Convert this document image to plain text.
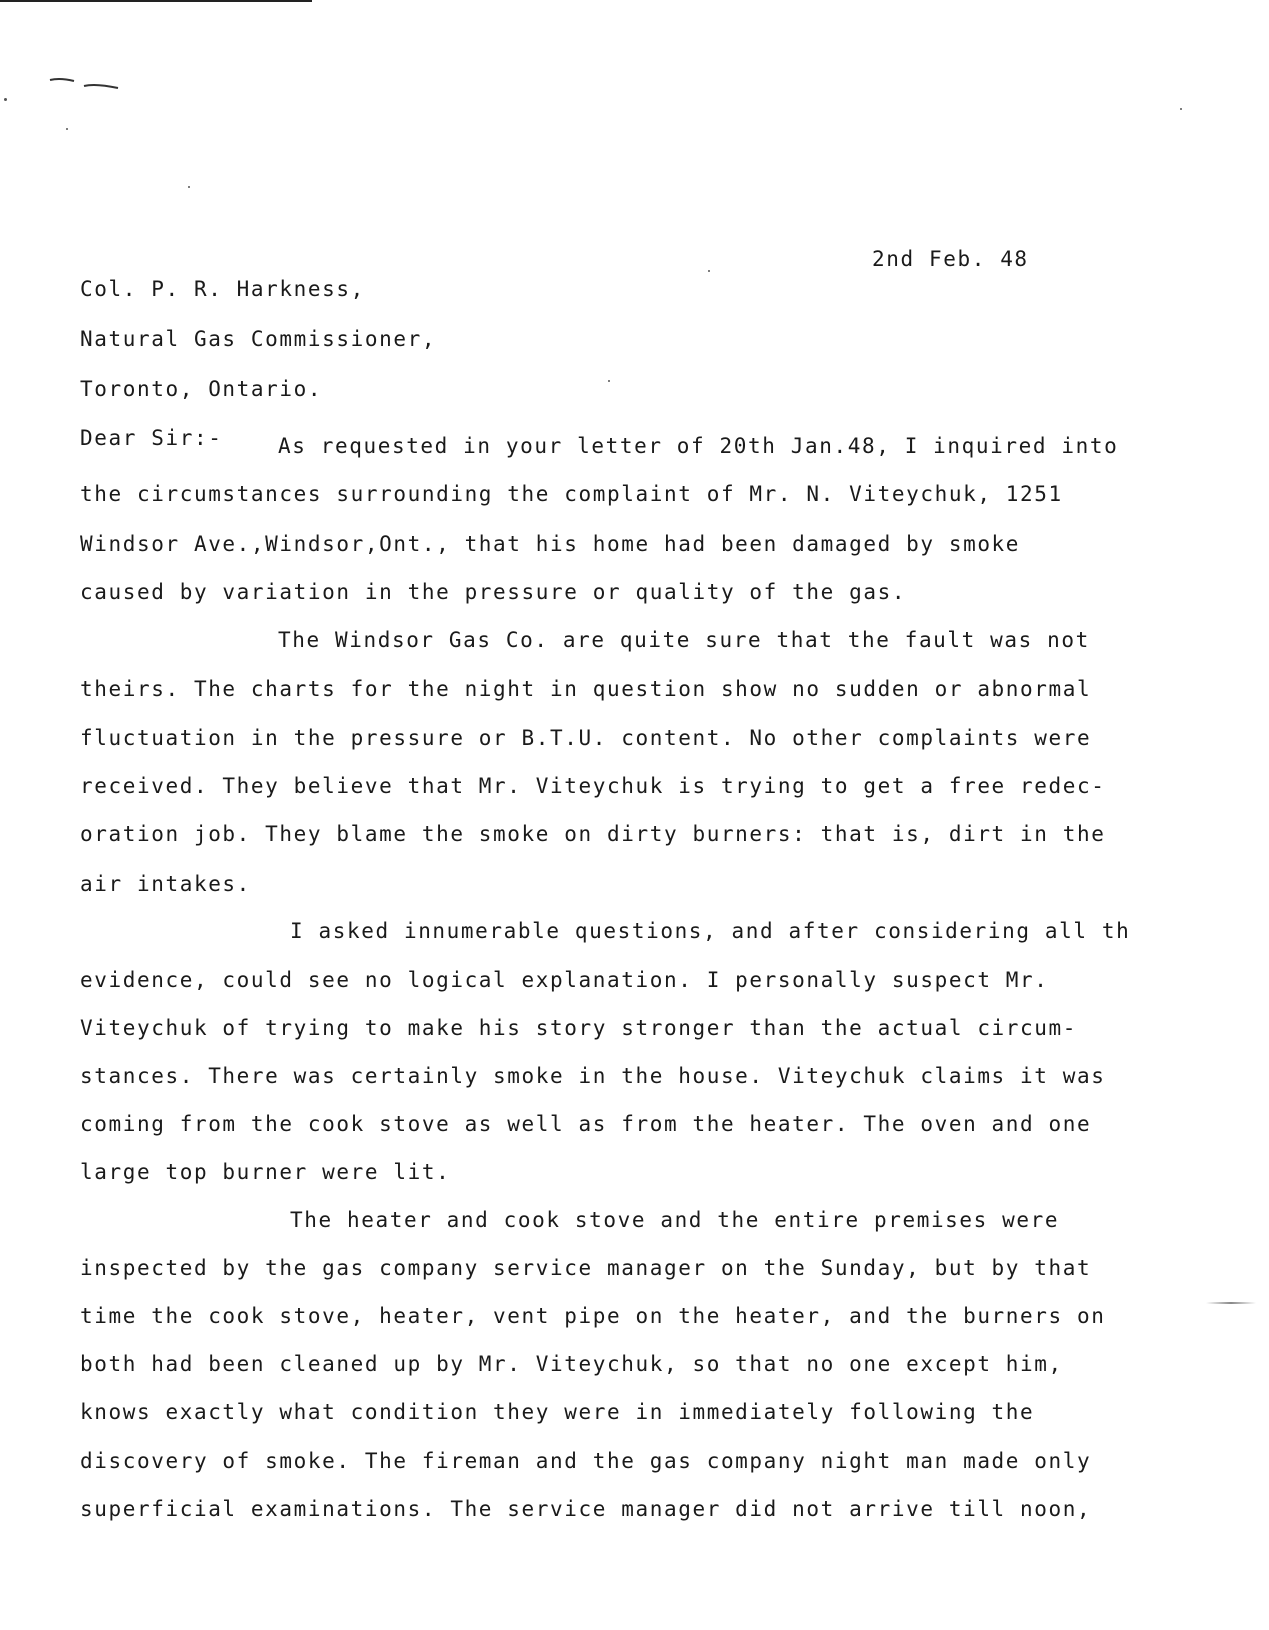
2nd Feb. 48
Col. P. R. Harkness,
Natural Gas Commissioner,
Toronto, Ontario.
Dear Sir:-	As requested in your letter of 20th Jan.48, I inquired into
the circumstances surrounding the complaint of Mr. N. Viteychuk, 1251
Windsor Ave.,Windsor,Ont., that his home had been damaged by smoke
caused by variation in the pressure or quality of the gas.
The Windsor Gas Co. are quite sure that the fault was not
theirs. The charts for the night in question show no sudden or abnormal
fluctuation in the pressure or B.T.U. content. No other complaints were
received. They believe that Mr. Viteychuk is trying to get a free redec-
oration job. They blame the smoke on dirty burners: that is, dirt in the
air intakes.
I asked innumerable questions, and after considering all th
evidence, could see no logical explanation. I personally suspect Mr.
Viteychuk of trying to make his story stronger than the actual circum-
stances. There was certainly smoke in the house. Viteychuk claims it was
coming from the cook stove as well as from the heater. The oven and one
large top burner were lit.
The heater and cook stove and the entire premises were
inspected by the gas company service manager on the Sunday, but by that
time the cook stove, heater, vent pipe on the heater, and the burners on
both had been cleaned up by Mr. Viteychuk, so that no one except him,
knows exactly what condition they were in immediately following the
discovery of smoke. The fireman and the gas company night man made only
superficial examinations. The service manager did not arrive till noon,
